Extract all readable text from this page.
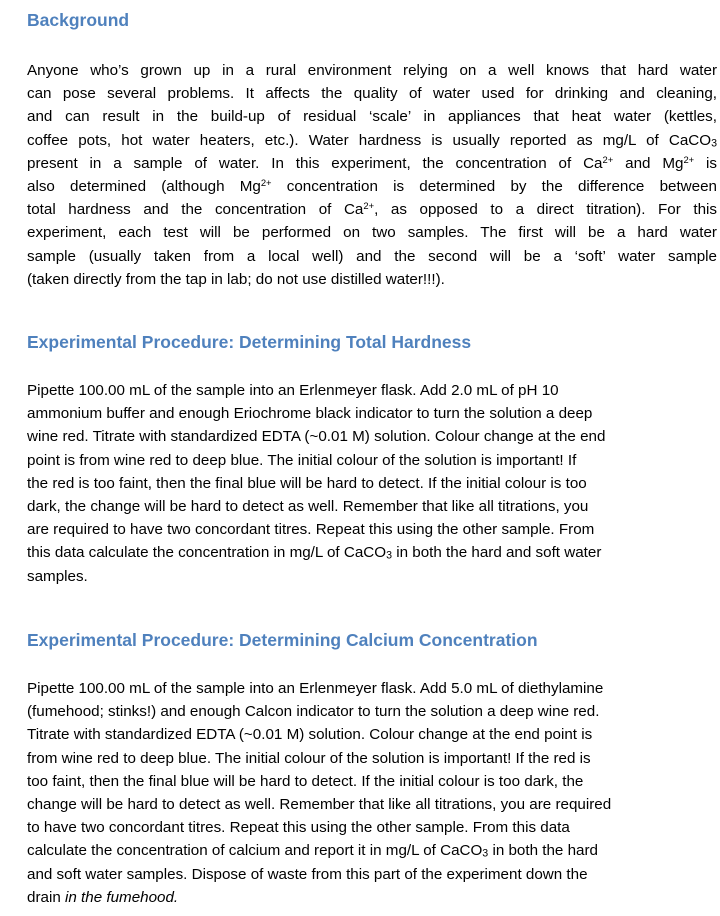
Background
Anyone who’s grown up in a rural environment relying on a well knows that hard water
can pose several problems. It affects the quality of water used for drinking and cleaning,
and can result in the build-up of residual ‘scale’ in appliances that heat water (kettles,
coffee pots, hot water heaters, etc.). Water hardness is usually reported as mg/L of CaCO$_3$
present in a sample of water. In this experiment, the concentration of $Ca^{2+}$ and $Mg^{2+}$ is
also determined (although $Mg^{2+}$ concentration is determined by the difference between
total hardness and the concentration of $Ca^{2+}$, as opposed to a direct titration). For this
experiment, each test will be performed on two samples. The first will be a hard water
sample (usually taken from a local well) and the second will be a ‘soft’ water sample
(taken directly from the tap in lab; do not use distilled water!!!).
Experimental Procedure: Determining Total Hardness
Pipette 100.00 mL of the sample into an Erlenmeyer flask. Add 2.0 mL of pH 10
ammonium buffer and enough Eriochrome black indicator to turn the solution a deep
wine red. Titrate with standardized EDTA (~0.01 M) solution. Colour change at the end
point is from wine red to deep blue. The initial colour of the solution is important! If
the red is too faint, then the final blue will be hard to detect. If the initial colour is too
dark, the change will be hard to detect as well. Remember that like all titrations, you
are required to have two concordant titres. Repeat this using the other sample. From
this data calculate the concentration in mg/L of CaCO$_3$ in both the hard and soft water
samples.
Experimental Procedure: Determining Calcium Concentration
Pipette 100.00 mL of the sample into an Erlenmeyer flask. Add 5.0 mL of diethylamine
(fumehood; stinks!) and enough Calcon indicator to turn the solution a deep wine red.
Titrate with standardized EDTA (~0.01 M) solution. Colour change at the end point is
from wine red to deep blue. The initial colour of the solution is important! If the red is
too faint, then the final blue will be hard to detect. If the initial colour is too dark, the
change will be hard to detect as well. Remember that like all titrations, you are required
to have two concordant titres. Repeat this using the other sample. From this data
calculate the concentration of calcium and report it in mg/L of CaCO$_3$ in both the hard
and soft water samples. Dispose of waste from this part of the experiment down the
drain in the fumehood.
